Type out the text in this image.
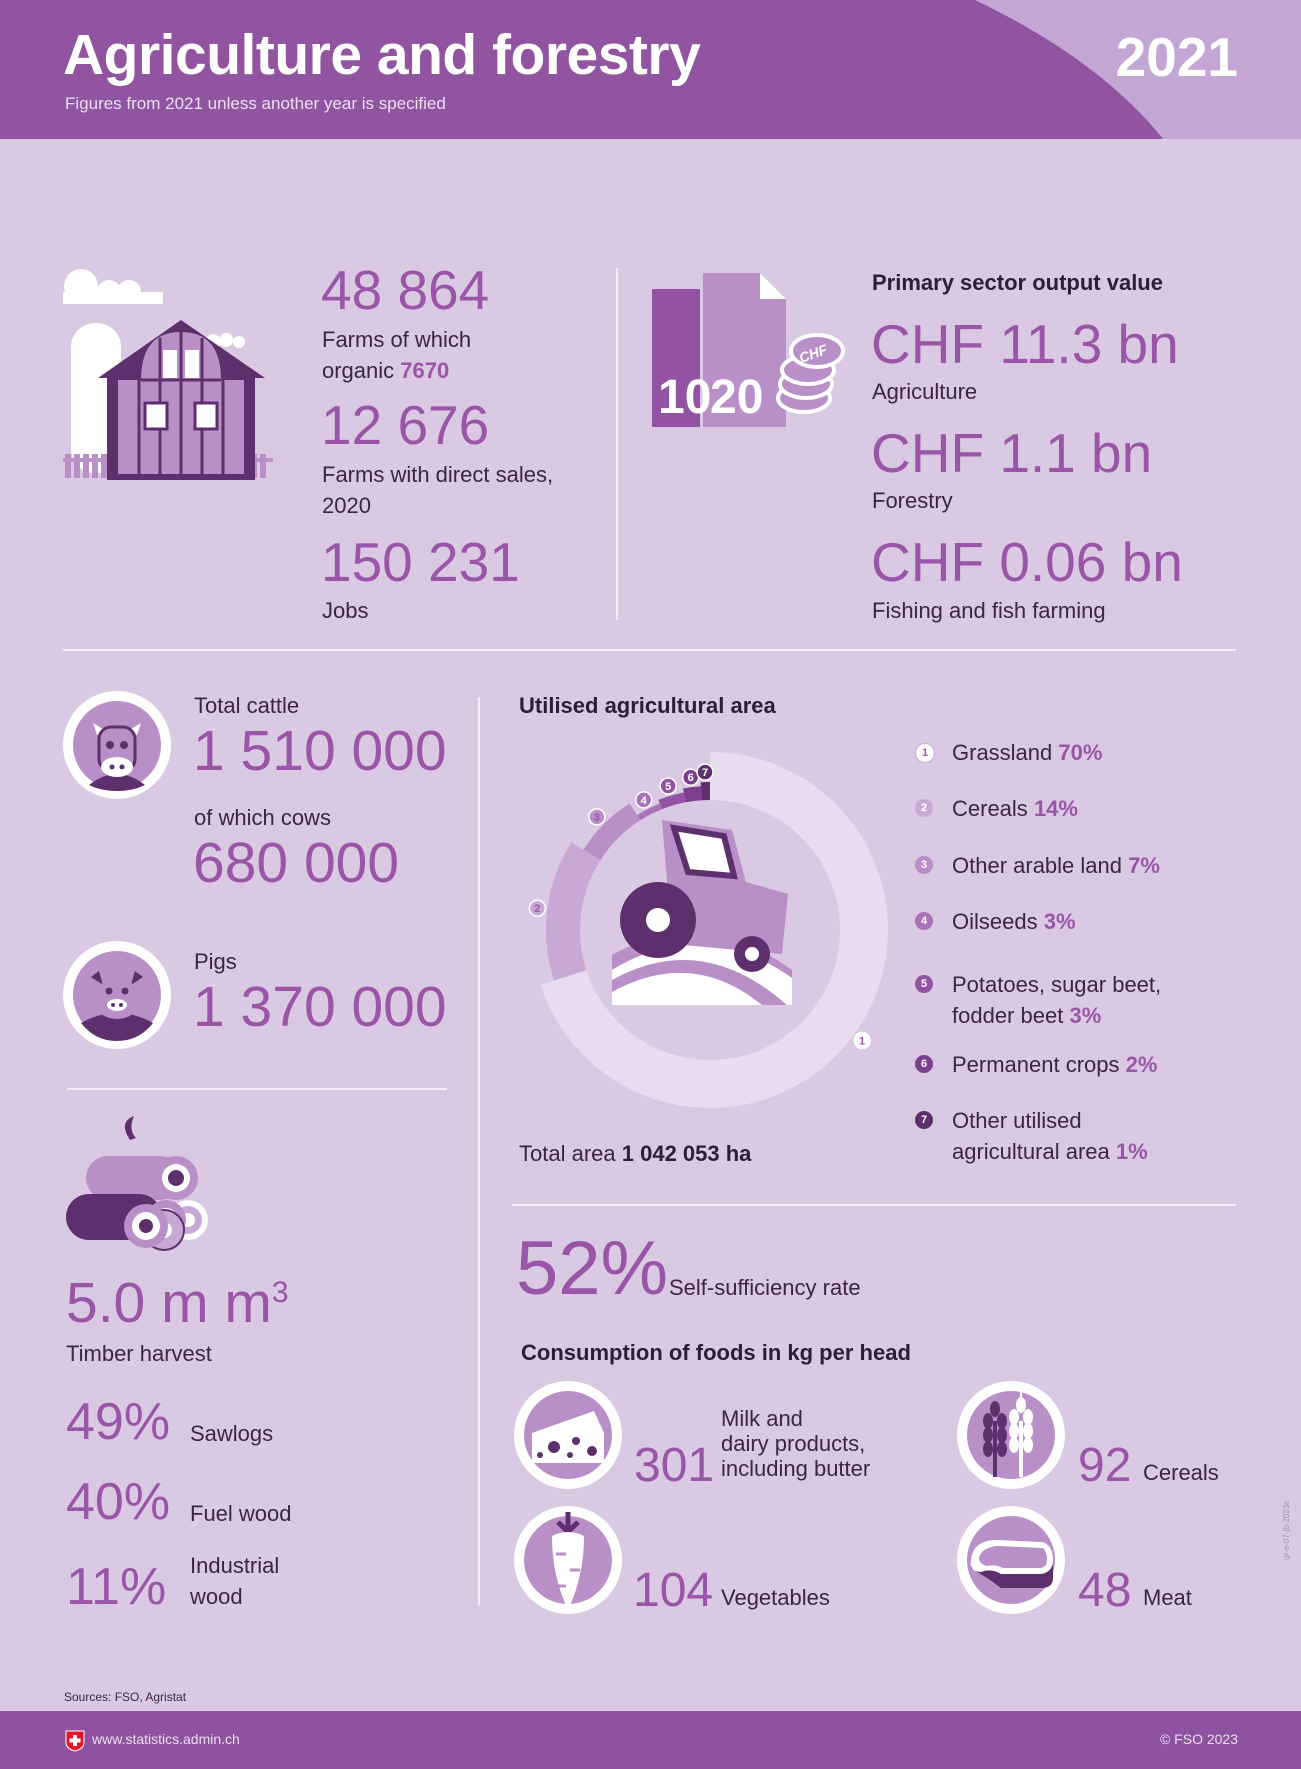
Agriculture and forestry
Figures from 2021 unless another year is specified
2021
48 864
Farms of which
organic 7670
12 676
Farms with direct sales,
2020
150 231
Jobs
10
20
CHF
Primary sector output value
CHF 11.3 bn
Agriculture
CHF 1.1 bn
Forestry
CHF 0.06 bn
Fishing and fish farming
Total cattle
1 510 000
of which cows
680 000
Pigs
1 370 000
5.0 m $m^3$
Timber harvest
49% Sawlogs
40% Fuel wood
11% Industrial
wood
Utilised agricultural area
1
2
3
4
5
6 7
Total area 1 042 053 ha
1	Grassland 70%
2 Cereals 14%
3 Other arable land 7%
4 Oilseeds 3%
5 Potatoes, sugar beet,
fodder beet 3%
6 Permanent crops 2%
7 Other utilised
agricultural area 1%
52% Self-sufficiency rate
Consumption of foods in kg per head
301
Milk and
dairy products,
including butter	92 Cereals
104 Vegetables	48 Meat
gr-e-07-jb-2023e
Sources: FSO, Agristat
www.statistics.admin.ch	© FSO 2023
